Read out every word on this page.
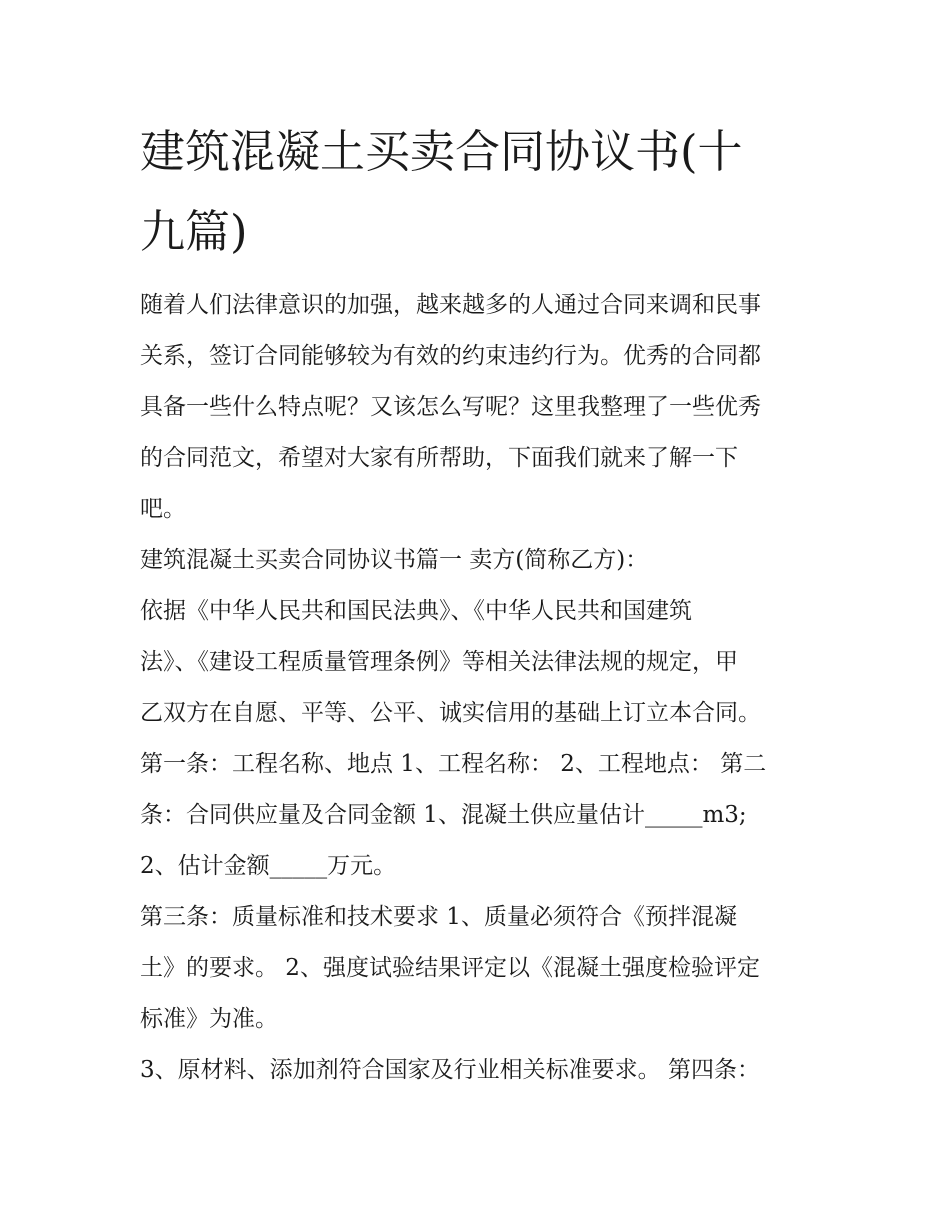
建筑混凝土买卖合同协议书(十
九篇)

随着人们法律意识的加强，越来越多的人通过合同来调和民事
关系，签订合同能够较为有效的约束违约行为。优秀的合同都
具备一些什么特点呢？又该怎么写呢？这里我整理了一些优秀
的合同范文，希望对大家有所帮助，下面我们就来了解一下
吧。

建筑混凝土买卖合同协议书篇一 卖方(简称乙方)：

依据《中华人民共和国民法典》、《中华人民共和国建筑
法》、《建设工程质量管理条例》等相关法律法规的规定，甲
乙双方在自愿、平等、公平、诚实信用的基础上订立本合同。

第一条：工程名称、地点 1、工程名称： 2、工程地点： 第二
条：合同供应量及合同金额 1、混凝土供应量估计_____m3;
2、估计金额_____万元。

第三条：质量标准和技术要求 1、质量必须符合《预拌混凝
土》的要求。 2、强度试验结果评定以《混凝土强度检验评定
标准》为准。

3、原材料、添加剂符合国家及行业相关标准要求。 第四条：
